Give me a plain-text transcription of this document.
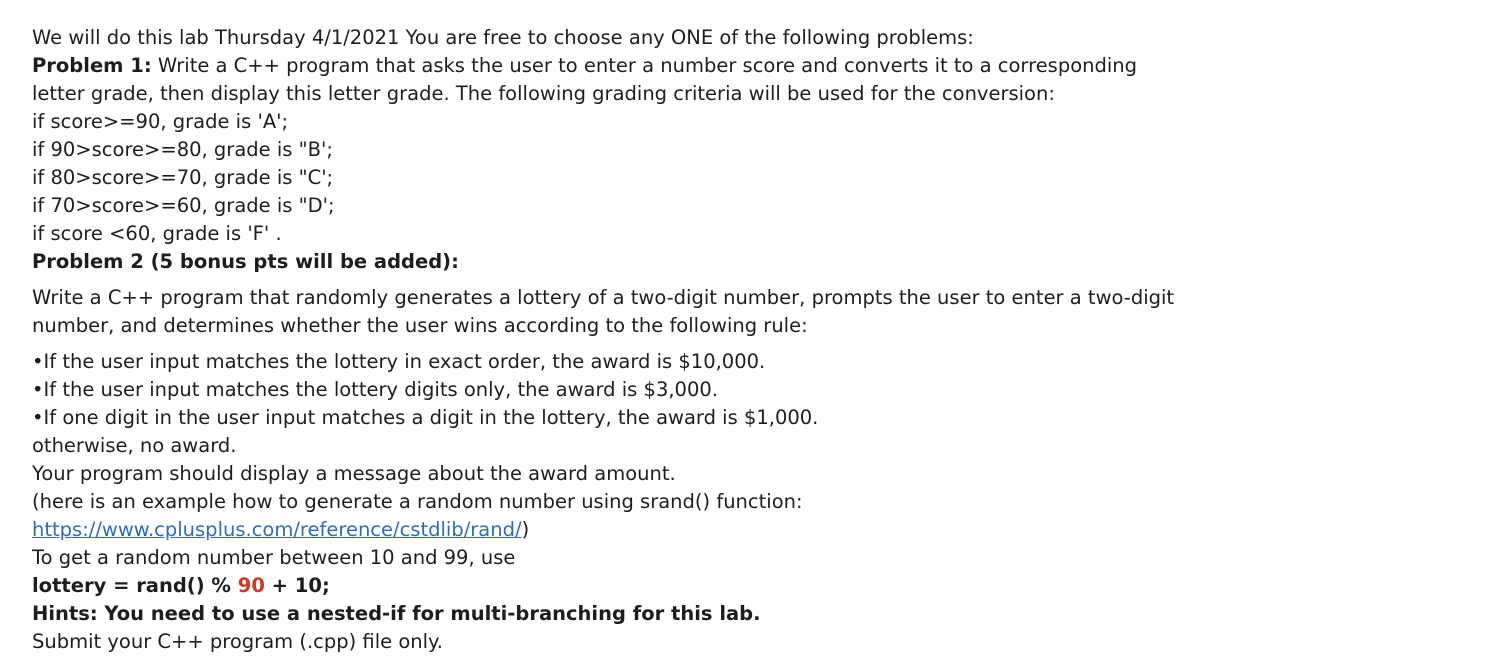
We will do this lab Thursday 4/1/2021 You are free to choose any ONE of the following problems:
Problem 1: Write a C++ program that asks the user to enter a number score and converts it to a corresponding
letter grade, then display this letter grade. The following grading criteria will be used for the conversion:
if score>=90, grade is 'A';
if 90>score>=80, grade is "B';
if 80>score>=70, grade is "C';
if 70>score>=60, grade is "D';
if score <60, grade is 'F' .
Problem 2 (5 bonus pts will be added):
Write a C++ program that randomly generates a lottery of a two-digit number, prompts the user to enter a two-digit
number, and determines whether the user wins according to the following rule:
•If the user input matches the lottery in exact order, the award is $10,000.
•If the user input matches the lottery digits only, the award is $3,000.
•If one digit in the user input matches a digit in the lottery, the award is $1,000.
otherwise, no award.
Your program should display a message about the award amount.
(here is an example how to generate a random number using srand() function:
https://www.cplusplus.com/reference/cstdlib/rand/)
To get a random number between 10 and 99, use
lottery = rand() % 90 + 10;
Hints: You need to use a nested-if for multi-branching for this lab.
Submit your C++ program (.cpp) file only.
